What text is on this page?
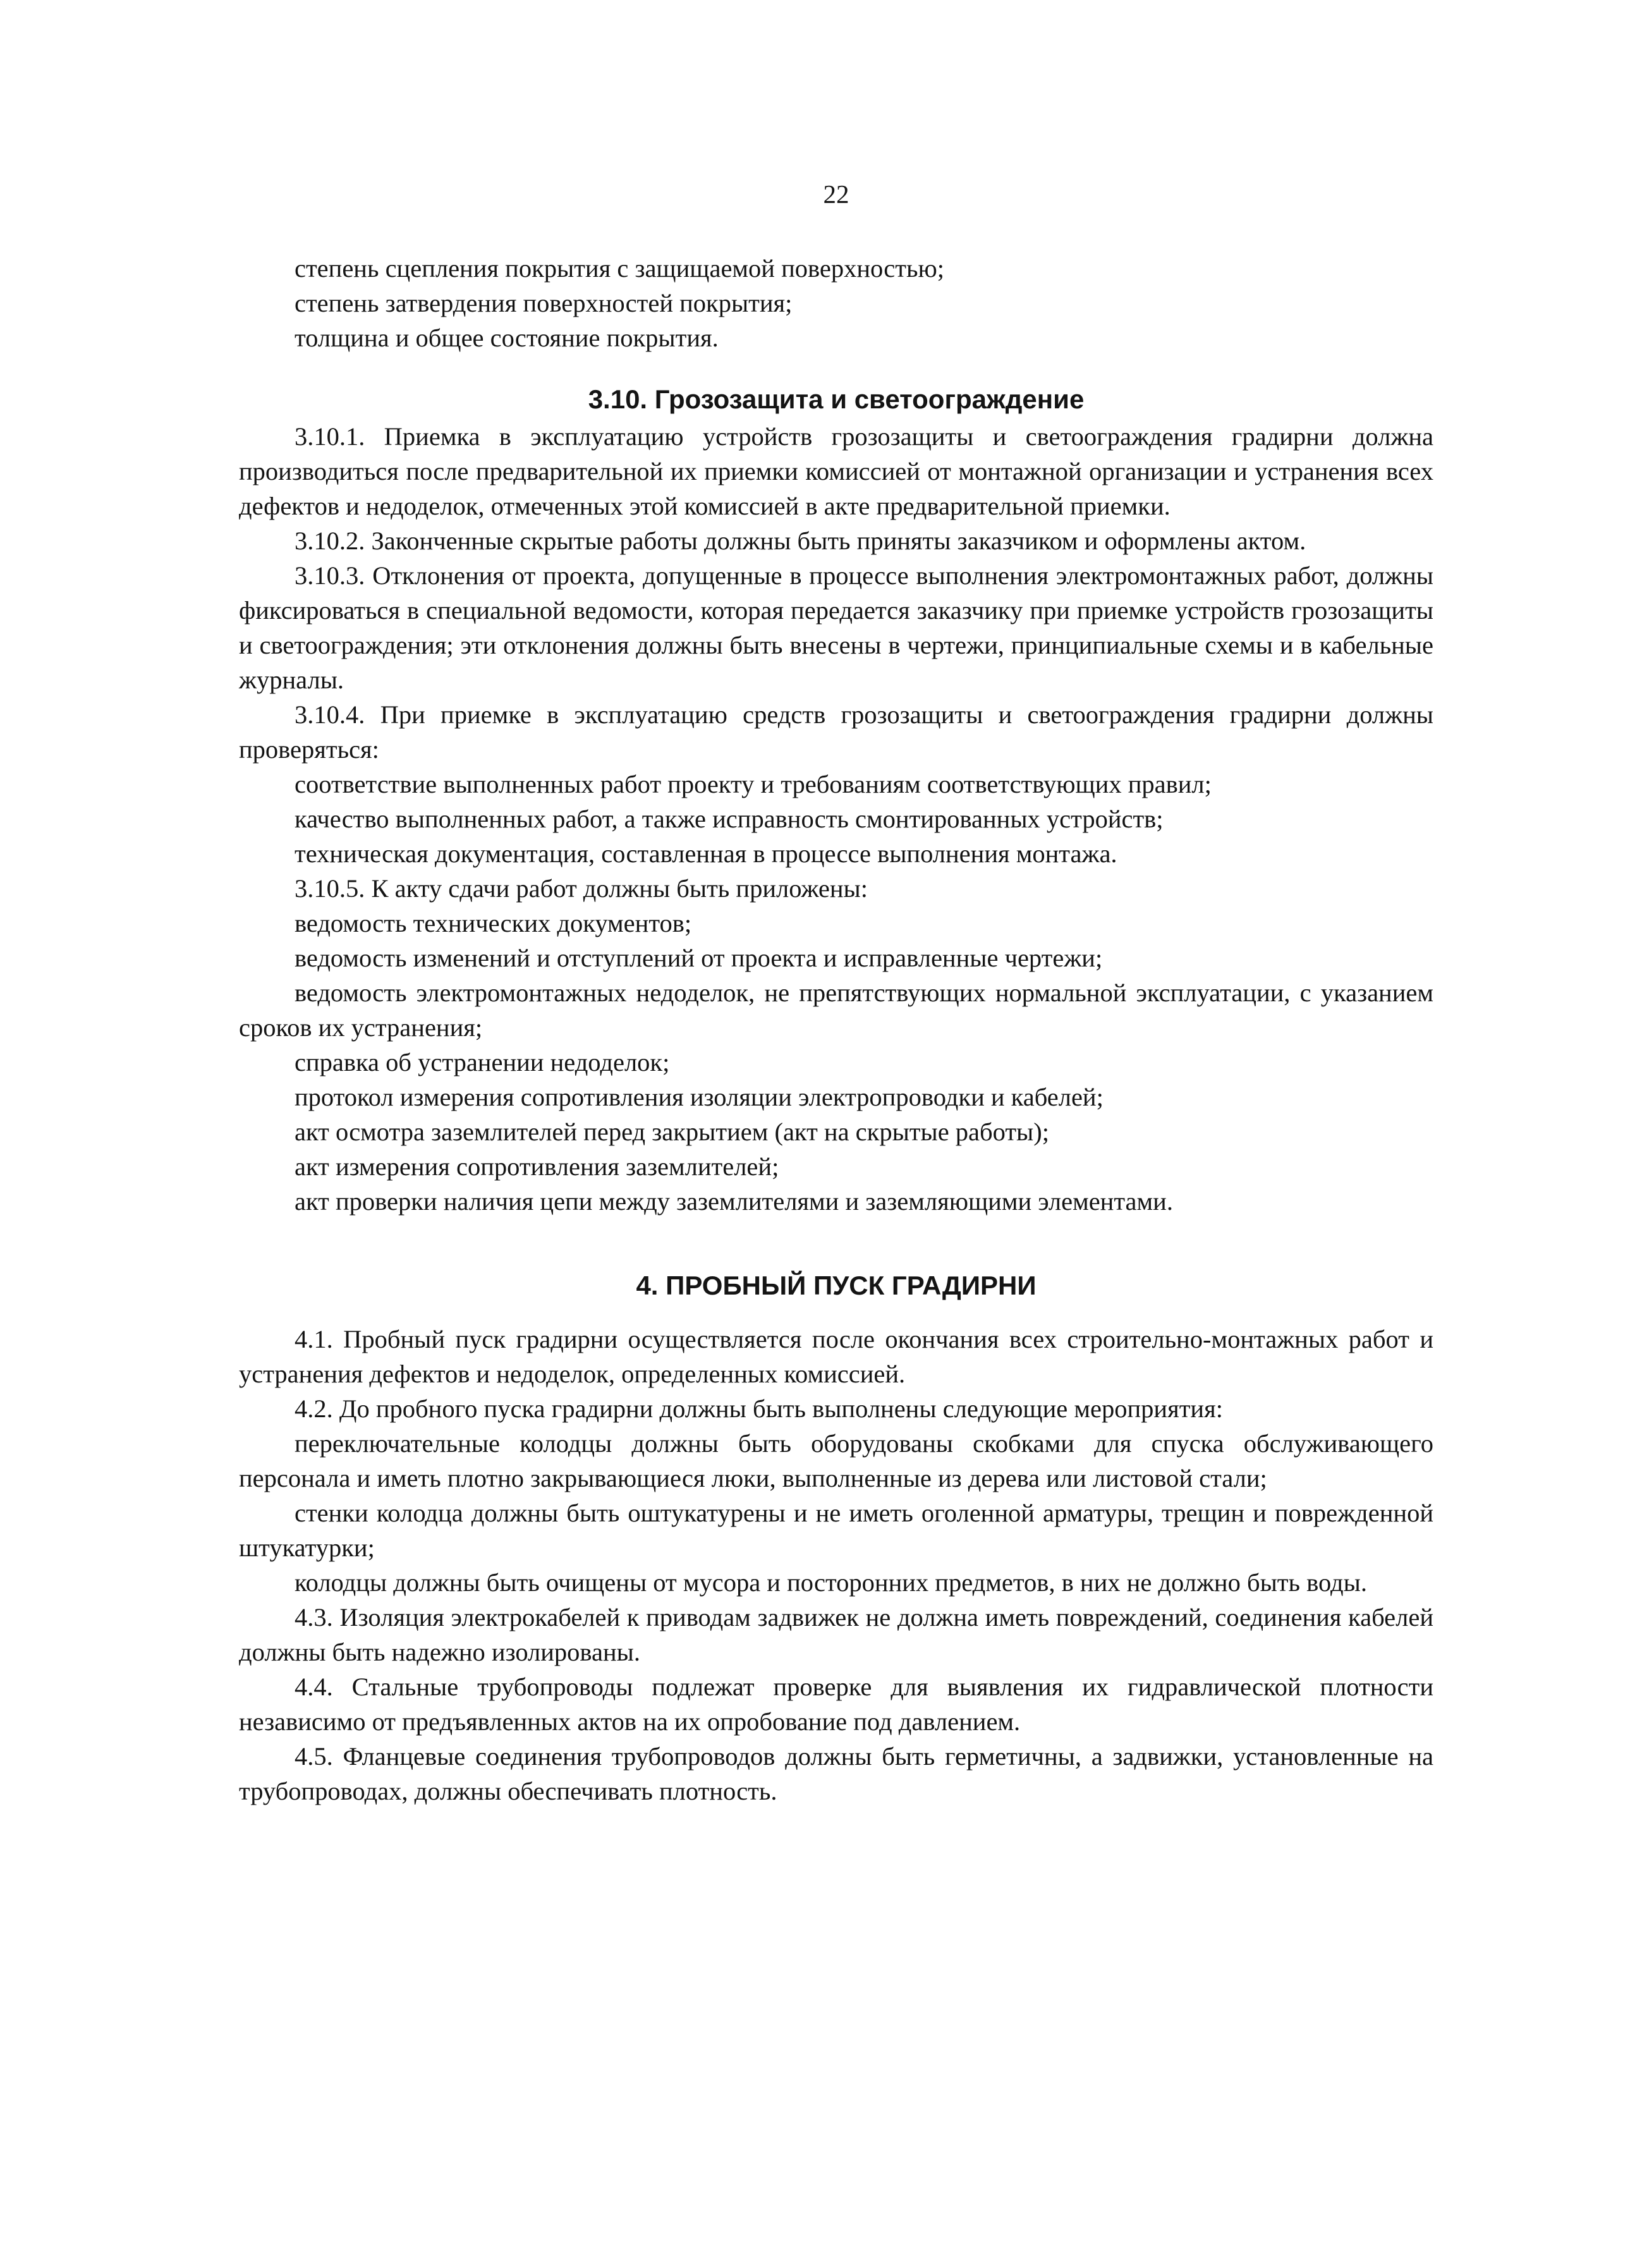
22
степень сцепления покрытия с защищаемой поверхностью;
степень затвердения поверхностей покрытия;
толщина и общее состояние покрытия.
3.10. Грозозащита и светоограждение

3.10.1. Приемка в эксплуатацию устройств грозозащиты и светоограждения градирни должна производиться после предварительной их приемки комиссией от монтажной организации и устранения всех дефектов и недоделок, отмеченных этой комиссией в акте предварительной приемки.

3.10.2. Законченные скрытые работы должны быть приняты заказчиком и оформлены актом.

3.10.3. Отклонения от проекта, допущенные в процессе выполнения электромонтажных работ, должны фиксироваться в специальной ведомости, которая передается заказчику при приемке устройств грозозащиты и светоограждения; эти отклонения должны быть внесены в чертежи, принципиальные схемы и в кабельные журналы.

3.10.4. При приемке в эксплуатацию средств грозозащиты и светоограждения градирни должны проверяться:

соответствие выполненных работ проекту и требованиям соответствующих правил;
качество выполненных работ, а также исправность смонтированных устройств;
техническая документация, составленная в процессе выполнения монтажа.
3.10.5. К акту сдачи работ должны быть приложены:
ведомость технических документов;
ведомость изменений и отступлений от проекта и исправленные чертежи;

ведомость электромонтажных недоделок, не препятствующих нормальной эксплуатации, с указанием сроков их устранения;

справка об устранении недоделок;
протокол измерения сопротивления изоляции электропроводки и кабелей;
акт осмотра заземлителей перед закрытием (акт на скрытые работы);
акт измерения сопротивления заземлителей;
акт проверки наличия цепи между заземлителями и заземляющими элементами.
4. ПРОБНЫЙ ПУСК ГРАДИРНИ

4.1. Пробный пуск градирни осуществляется после окончания всех строительно-монтажных работ и устранения дефектов и недоделок, определенных комиссией.

4.2. До пробного пуска градирни должны быть выполнены следующие мероприятия:

переключательные колодцы должны быть оборудованы скобками для спуска обслуживающего персонала и иметь плотно закрывающиеся люки, выполненные из дерева или листовой стали;

стенки колодца должны быть оштукатурены и не иметь оголенной арматуры, трещин и поврежденной штукатурки;

колодцы должны быть очищены от мусора и посторонних предметов, в них не должно быть воды.

4.3. Изоляция электрокабелей к приводам задвижек не должна иметь повреждений, соединения кабелей должны быть надежно изолированы.

4.4. Стальные трубопроводы подлежат проверке для выявления их гидравлической плотности независимо от предъявленных актов на их опробование под давлением.

4.5. Фланцевые соединения трубопроводов должны быть герметичны, а задвижки, установленные на трубопроводах, должны обеспечивать плотность.
